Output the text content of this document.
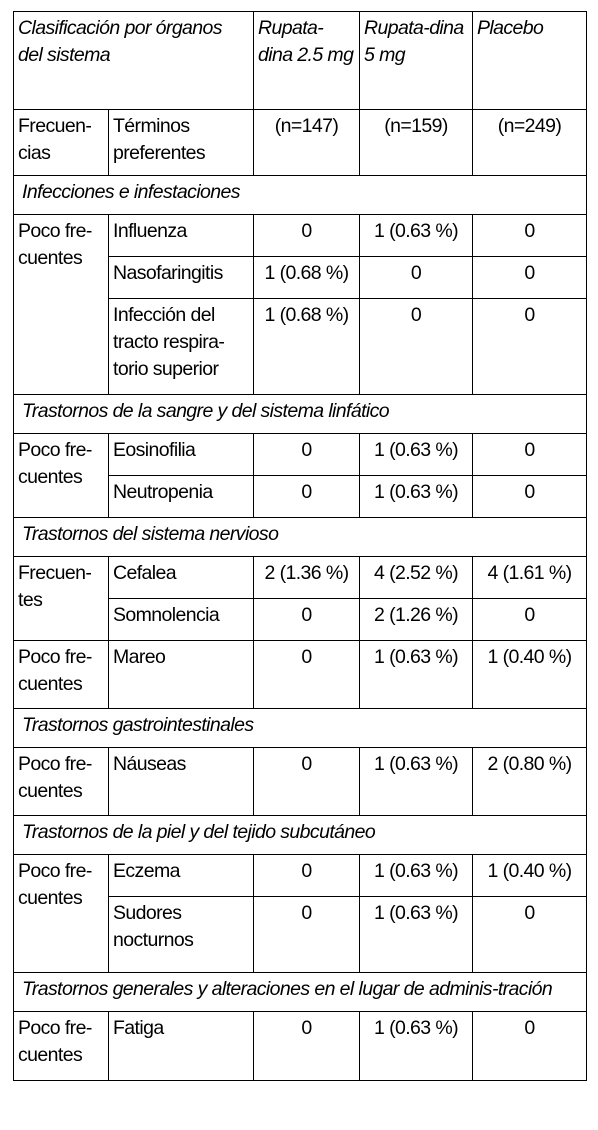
Clasificación por órganos del sistema		Rupata-dina 2.5 mg	Rupata-dina 5 mg	Placebo
Frecuen-cias	Términos preferentes	(n=147)	(n=159)	(n=249)
Infecciones e infestaciones				
Poco fre-cuentes	Influenza	0	1 (0.63 %)	0
	Nasofaringitis	1 (0.68 %)	0	0
	Infección del tracto respira-torio superior	1 (0.68 %)	0	0
Trastornos de la sangre y del sistema linfático				
Poco fre-cuentes	Eosinofilia	0	1 (0.63 %)	0
	Neutropenia	0	1 (0.63 %)	0
Trastornos del sistema nervioso				
Frecuen-tes	Cefalea	2 (1.36 %)	4 (2.52 %)	4 (1.61 %)
	Somnolencia	0	2 (1.26 %)	0
Poco fre-cuentes	Mareo	0	1 (0.63 %)	1 (0.40 %)
Trastornos gastrointestinales				
Poco fre-cuentes	Náuseas	0	1 (0.63 %)	2 (0.80 %)
Trastornos de la piel y del tejido subcutáneo				
Poco fre-cuentes	Eczema	0	1 (0.63 %)	1 (0.40 %)
	Sudores nocturnos	0	1 (0.63 %)	0
Trastornos generales y alteraciones en el lugar de adminis-tración				
Poco fre-cuentes	Fatiga	0	1 (0.63 %)	0
